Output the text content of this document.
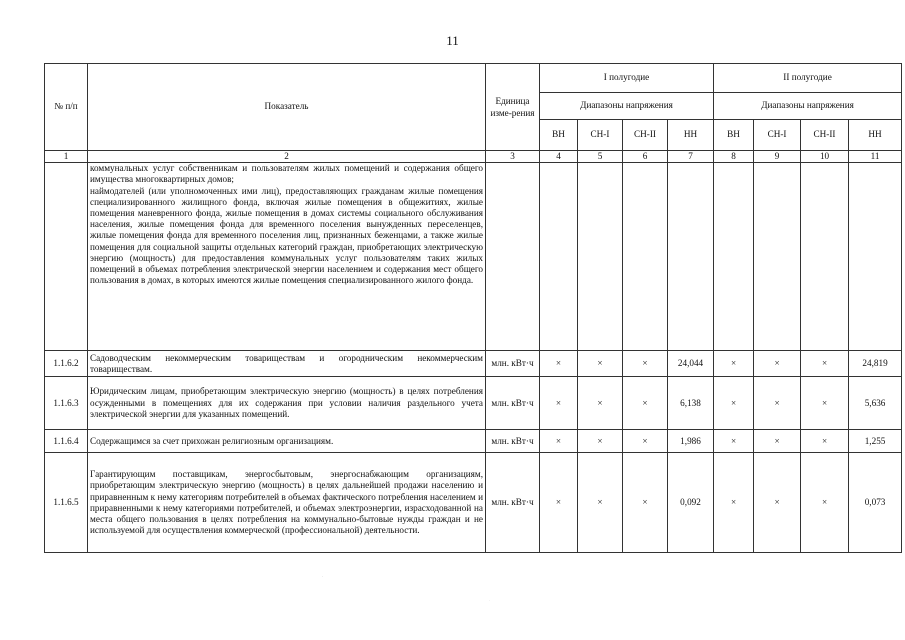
11
№ п/п	Показатель	Единица изме-рения	I полугодие				II полугодие			
			Диапазоны напряжения				Диапазоны напряжения			
			ВН	СН-I	СН-II	НН	ВН	СН-I	СН-II	НН
1	2	3	4	5	6	7	8	9	10	11

	коммунальных услуг собственникам и пользователям жилых помещений и содержания общего имущества многоквартирных домов;
наймодателей (или уполномоченных ими лиц), предоставляющих гражданам жилые помещения специализированного жилищного фонда, включая жилые помещения в общежитиях, жилые помещения маневренного фонда, жилые помещения в домах системы социального обслуживания населения, жилые помещения фонда для временного поселения вынужденных переселенцев, жилые помещения фонда для временного поселения лиц, признанных беженцами, а также жилые помещения для социальной защиты отдельных категорий граждан, приобретающих электрическую энергию (мощность) для предоставления коммунальных услуг пользователям таких жилых помещений в объемах потребления электрической энергии населением и содержания мест общего пользования в домах, в которых имеются жилые помещения специализированного жилого фонда.									

1.1.6.2	Садоводческим некоммерческим товариществам и огородническим некоммерческим товариществам.	млн. кВт·ч	×	×	×	24,044	×	×	×	24,819
1.1.6.3	Юридическим лицам, приобретающим электрическую энергию (мощность) в целях потребления осужденными в помещениях для их содержания при условии наличия раздельного учета электрической энергии для указанных помещений.	млн. кВт·ч	×	×	×	6,138	×	×	×	5,636
1.1.6.4	Содержащимся за счет прихожан религиозным организациям.	млн. кВт·ч	×	×	×	1,986	×	×	×	1,255
1.1.6.5	Гарантирующим поставщикам, энергосбытовым, энергоснабжающим организациям, приобретающим электрическую энергию (мощность) в целях дальнейшей продажи населению и приравненным к нему категориям потребителей в объемах фактического потребления населением и приравненными к нему категориями потребителей, и объемах электроэнергии, израсходованной на места общего пользования в целях потребления на коммунально-бытовые нужды граждан и не используемой для осуществления коммерческой (профессиональной) деятельности.	млн. кВт·ч	×	×	×	0,092	×	×	×	0,073
·
·
